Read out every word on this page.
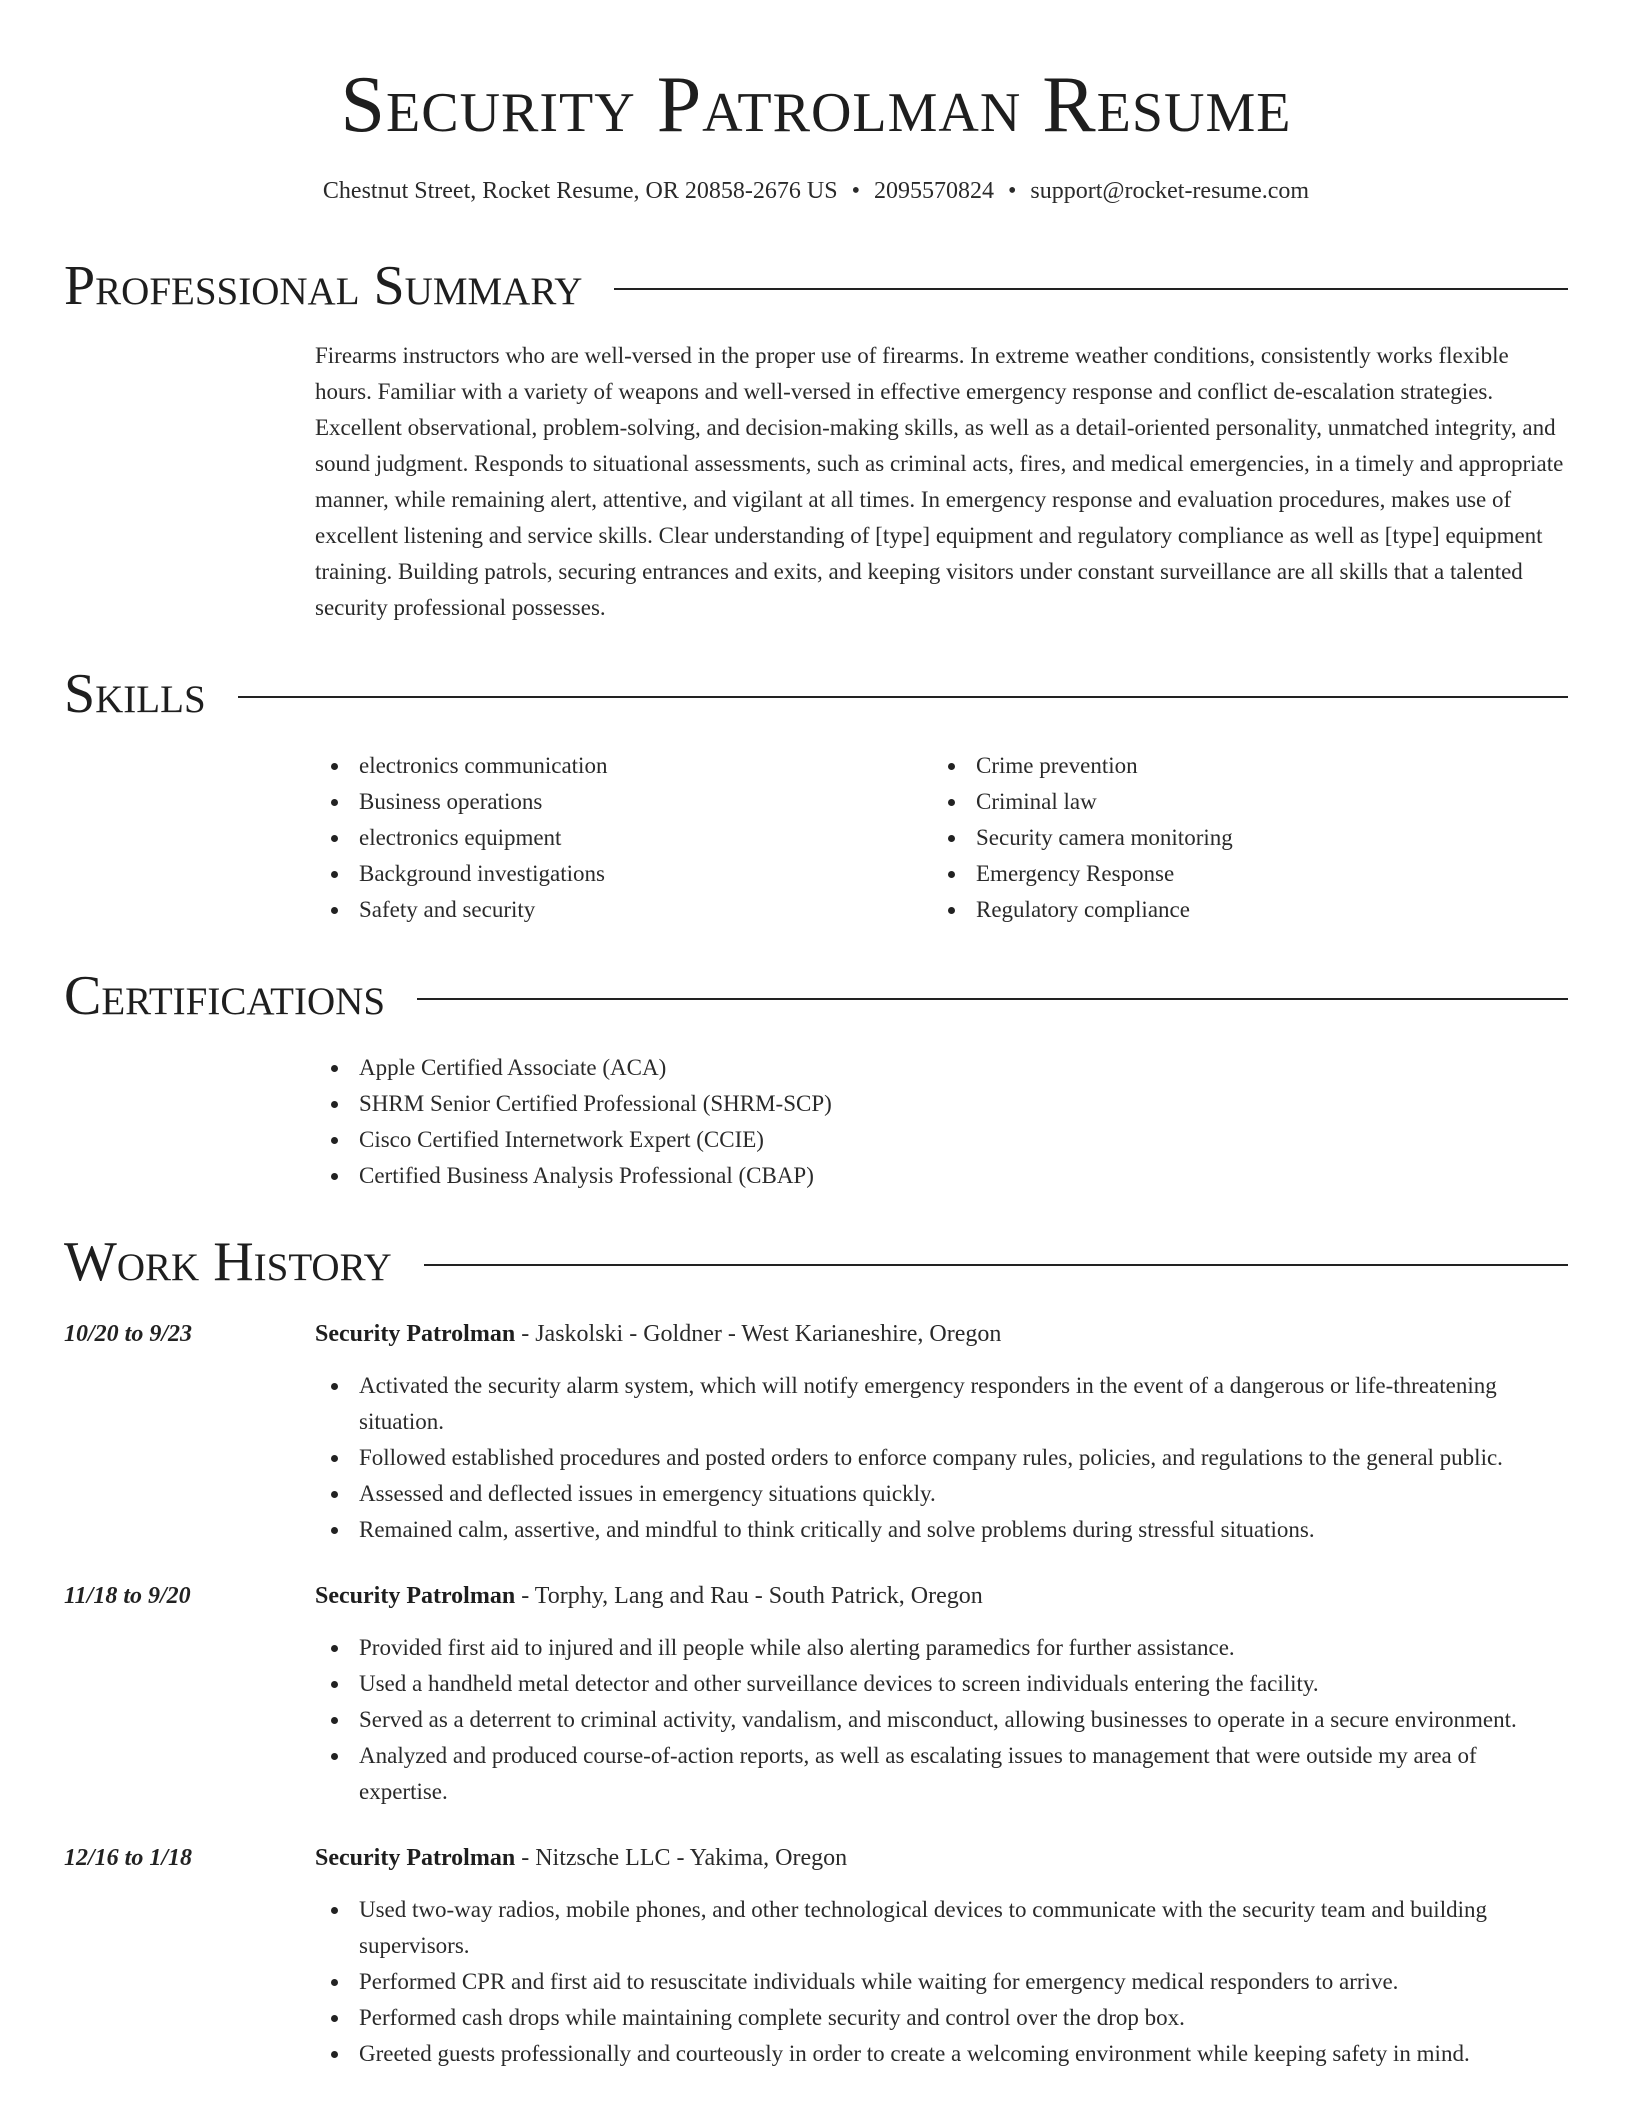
Security Patrolman Resume
Chestnut Street, Rocket Resume, OR 20858-2676 US • 2095570824 • support@rocket-resume.com
Professional Summary

Firearms instructors who are well-versed in the proper use of firearms. In extreme weather conditions, consistently works flexible hours. Familiar with a variety of weapons and well-versed in effective emergency response and conflict de-escalation strategies. Excellent observational, problem-solving, and decision-making skills, as well as a detail-oriented personality, unmatched integrity, and sound judgment. Responds to situational assessments, such as criminal acts, fires, and medical emergencies, in a timely and appropriate manner, while remaining alert, attentive, and vigilant at all times. In emergency response and evaluation procedures, makes use of excellent listening and service skills. Clear understanding of [type] equipment and regulatory compliance as well as [type] equipment training. Building patrols, securing entrances and exits, and keeping visitors under constant surveillance are all skills that a talented security professional possesses.

Skills
electronics communication
Business operations
electronics equipment
Background investigations
Safety and security
Crime prevention
Criminal law
Security camera monitoring
Emergency Response
Regulatory compliance
Certifications
Apple Certified Associate (ACA)
SHRM Senior Certified Professional (SHRM-SCP)
Cisco Certified Internetwork Expert (CCIE)
Certified Business Analysis Professional (CBAP)
Work History
10/20 to 9/23	Security Patrolman - Jaskolski - Goldner - West Karianeshire, Oregon
Activated the security alarm system, which will notify emergency responders in the event of a dangerous or life-threatening situation.
Followed established procedures and posted orders to enforce company rules, policies, and regulations to the general public.
Assessed and deflected issues in emergency situations quickly.
Remained calm, assertive, and mindful to think critically and solve problems during stressful situations.
11/18 to 9/20	Security Patrolman - Torphy, Lang and Rau - South Patrick, Oregon
Provided first aid to injured and ill people while also alerting paramedics for further assistance.
Used a handheld metal detector and other surveillance devices to screen individuals entering the facility.
Served as a deterrent to criminal activity, vandalism, and misconduct, allowing businesses to operate in a secure environment.
Analyzed and produced course-of-action reports, as well as escalating issues to management that were outside my area of expertise.
12/16 to 1/18	Security Patrolman - Nitzsche LLC - Yakima, Oregon
Used two-way radios, mobile phones, and other technological devices to communicate with the security team and building supervisors.
Performed CPR and first aid to resuscitate individuals while waiting for emergency medical responders to arrive.
Performed cash drops while maintaining complete security and control over the drop box.
Greeted guests professionally and courteously in order to create a welcoming environment while keeping safety in mind.
